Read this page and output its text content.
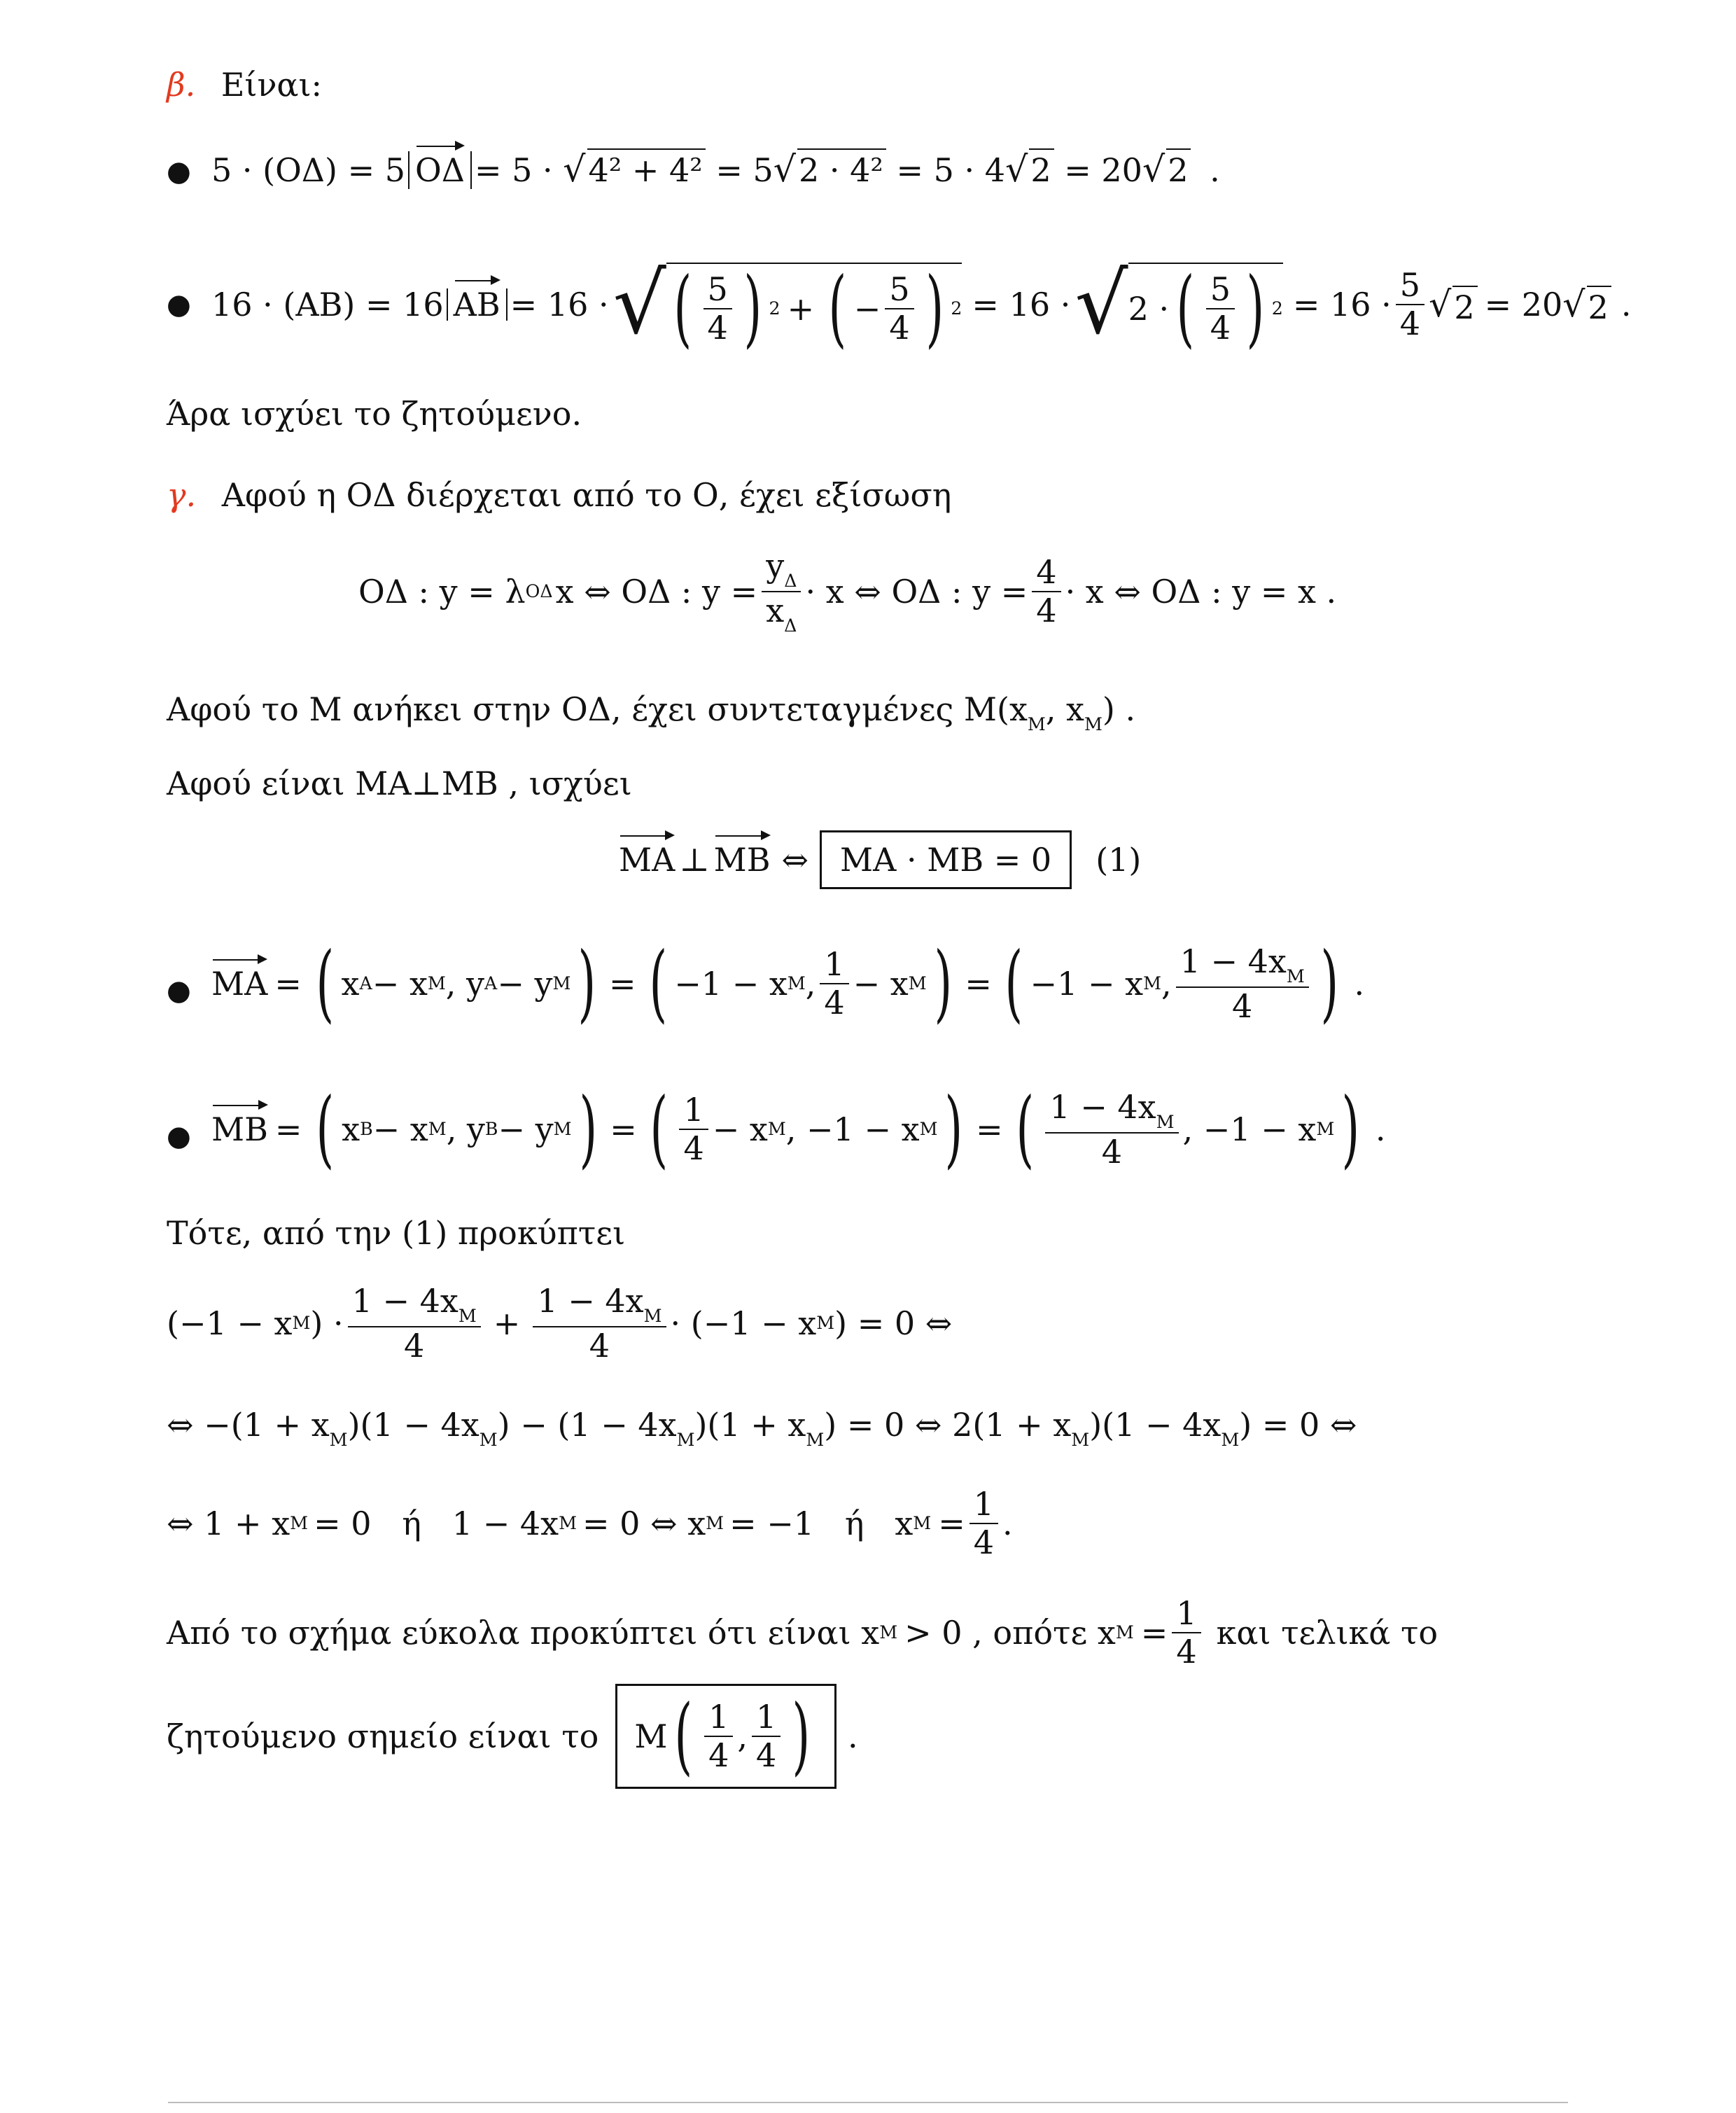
β. Είναι:
● 5 · (ΟΔ) = 5 ΟΔ = 5 · √4² + 4² = 5√2 · 4² = 5 · 4√2 = 20√2 .
● 16 · (ΑΒ) = 16 ΑΒ = 16 · √ ( $\frac{5}{4}$ ) 2 + ( − $\frac{5}{4}$ ) 2 = 16 · √ 2 · ( $\frac{5}{4}$ ) $2 = 16 \cdot \frac{5}{4}$ √ 2 = 20 √ 2 .
Άρα ισχύει το ζητούμενο.
γ. Αφού η ΟΔ διέρχεται από το Ο, έχει εξίσωση
ΟΔ : y = λ ΟΔ x ⇔ ΟΔ : $y = \frac{y_\Delta}{x_\Delta} \cdot x$ ⇔ ΟΔ : $y = \frac{4}{4} \cdot x$ ⇔ ΟΔ : y = x .
Αφού το Μ ανήκει στην ΟΔ, έχει συντεταγμένες $M(x_M$, $x_M$) .
Αφού είναι ΜΑ⊥ΜΒ , ισχύει
MA ⊥ MB ⇔ MA · MB = 0	(1)
● MA = ( x A − x M , y A − y M ) = ( −1 − x M , $\frac{1}{4} - x$ M ) = ( −1 − x M , $\frac{1 - 4x_M}{4}$ ) .
● MB = ( x B − x M , y B − y M ) = ( $\frac{1}{4} - x$ M , −1 − x M ) = ( $\frac{1 - 4x_M}{4}$ , −1 − x M ) .
Τότε, από την (1) προκύπτει
(−1 − x M ) · $\frac{1 - 4x_M}{4} + \frac{1 - 4x_M}{4} \cdot (-1 - x$ M ) = 0 ⇔
⇔ $-(1 + x_M)(1 - 4x_M) - (1 - 4x_M)(1 + x_M) = 0$ ⇔ $2(1 + x_M)(1 - 4x_M) = 0$ ⇔
⇔ 1 + x M = 0   ή   1 − 4x M = 0 ⇔ x M = −1   ή   x $M = \frac{1}{4}$ .
Από το σχήμα εύκολα προκύπτει ότι είναι x M > 0 , οπότε x $M = \frac{1}{4}$ και τελικά το
ζητούμενο σημείο είναι το M ( $\frac{1}{4}$ , $\frac{1}{4}$ ) .
